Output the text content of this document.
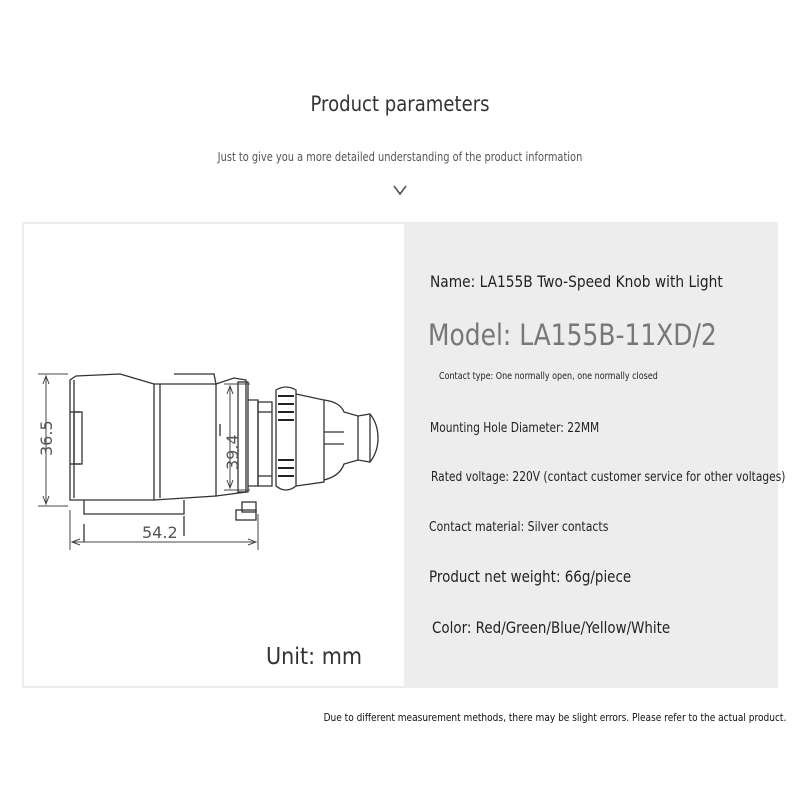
Product parameters
Just to give you a more detailed understanding of the product information
36.5	39.4
54.2
Unit: mm
Name: LA155B Two-Speed Knob with Light
Model: LA155B-11XD/2
Contact type: One normally open, one normally closed
Mounting Hole Diameter: 22MM
Rated voltage: 220V (contact customer service for other voltages)
Contact material: Silver contacts
Product net weight: 66g/piece
Color: Red/Green/Blue/Yellow/White
Due to different measurement methods, there may be slight errors. Please refer to the actual product.
